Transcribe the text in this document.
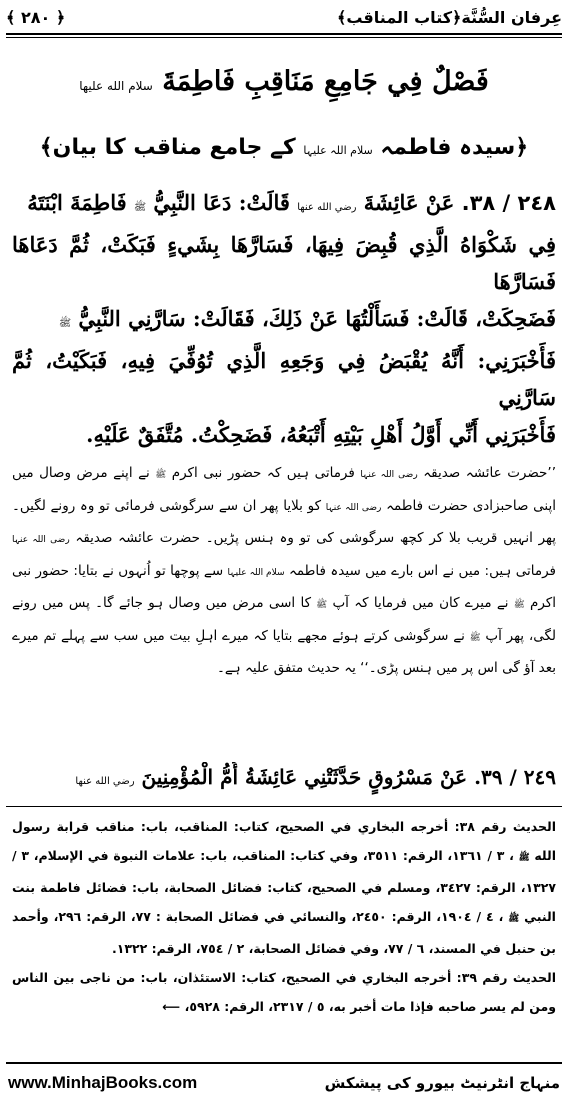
﴿ ۲۸۰ ﴾	عِرفان السُّنَّة﴿کتاب المناقب﴾
فَصْلٌ فِي جَامِعِ مَنَاقِبِ فَاطِمَةَ سلام الله عليها
﴿سیدہ فاطمہ سلام اللہ علیہا کے جامع مناقب کا بیان﴾
٢٤٨ / ٣٨. عَنْ عَائِشَةَ رضي الله عنها قَالَتْ: دَعَا النَّبِيُّ ﷺ فَاطِمَةَ ابْنَتَهُ
فِي شَكْوَاهُ الَّذِي قُبِضَ فِيهَا، فَسَارَّهَا بِشَيءٍ فَبَكَتْ، ثُمَّ دَعَاهَا فَسَارَّهَا
فَضَحِكَتْ، قَالَتْ: فَسَأَلْتُهَا عَنْ ذَلِكَ، فَقَالَتْ: سَارَّنِي النَّبِيُّ ﷺ
فَأَخْبَرَنِي: أَنَّهُ يُقْبَضُ فِي وَجَعِهِ الَّذِي تُوُفِّيَ فِيهِ، فَبَكَيْتُ، ثُمَّ سَارَّنِي
فَأَخْبَرَنِي أَنِّي أَوَّلُ أَهْلِ بَيْتِهِ أَتْبَعُهُ، فَضَحِكْتُ. مُتَّفَقٌ عَلَيْهِ.
’’حضرت عائشہ صدیقہ رضی اللہ عنہا فرماتی ہیں کہ حضور نبی اکرم ﷺ نے اپنے مرض وصال میں اپنی صاحبزادی حضرت فاطمہ رضی اللہ عنہا کو بلایا پھر ان سے سرگوشی فرمائی تو وہ رونے لگیں۔ پھر انہیں قریب بلا کر کچھ سرگوشی کی تو وہ ہنس پڑیں۔ حضرت عائشہ صدیقہ رضی اللہ عنہا فرماتی ہیں: میں نے اس بارے میں سیدہ فاطمہ سلام اللہ علیہا سے پوچھا تو اُنہوں نے بتایا: حضور نبی اکرم ﷺ نے میرے کان میں فرمایا کہ آپ ﷺ کا اسی مرض میں وصال ہو جائے گا۔ پس میں رونے لگی، پھر آپ ﷺ نے سرگوشی کرتے ہوئے مجھے بتایا کہ میرے اہلِ بیت میں سب سے پہلے تم میرے بعد آؤ گی اس پر میں ہنس پڑی۔‘‘ یہ حدیث متفق علیہ ہے۔
٢٤٩ / ٣٩. عَنْ مَسْرُوقٍ حَدَّثَتْنِي عَائِشَةُ أُمُّ الْمُؤْمِنِينَ رضي الله عنها

الحديث رقم ٣٨: أخرجه البخاري في الصحيح، كتاب: المناقب، باب: مناقب قرابة رسول الله ﷺ ، ٣ / ١٣٦١، الرقم: ٣٥١١، وفي كتاب: المناقب، باب: علامات النبوة في الإسلام، ٣ / ١٣٢٧، الرقم: ٣٤٢٧، ومسلم في الصحيح، كتاب: فضائل الصحابة، باب: فضائل فاطمة بنت النبي ﷺ ، ٤ / ١٩٠٤، الرقم: ٢٤٥٠، والنسائي في فضائل الصحابة : ٧٧، الرقم: ٢٩٦، وأحمد بن حنبل في المسند، ٦ / ٧٧، وفي فضائل الصحابة، ٢ / ٧٥٤، الرقم: ١٣٢٢.

الحديث رقم ٣٩: أخرجه البخاري في الصحيح، كتاب: الاستئذان، باب: من ناجى بين الناس ومن لم يسر صاحبه فإذا مات أخبر به، ٥ / ٢٣١٧، الرقم: ٥٩٢٨، ⟵

www.MinhajBooks.com	منہاج انٹرنیٹ بیورو کی پیشکش
